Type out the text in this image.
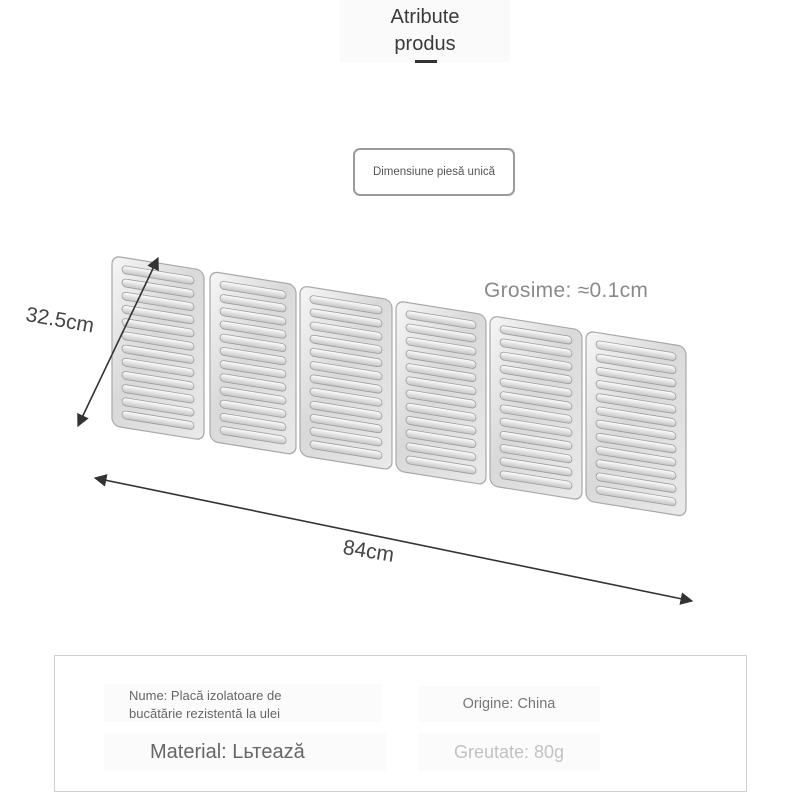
Atribute
produs
Dimensiune piesă unică
Grosime: ≈0.1cm
32.5cm
84cm
Nume: Placă izolatoare de
bucătărie rezistentă la ulei
Origine: China
Material: Lьтează	Greutate: 80g
